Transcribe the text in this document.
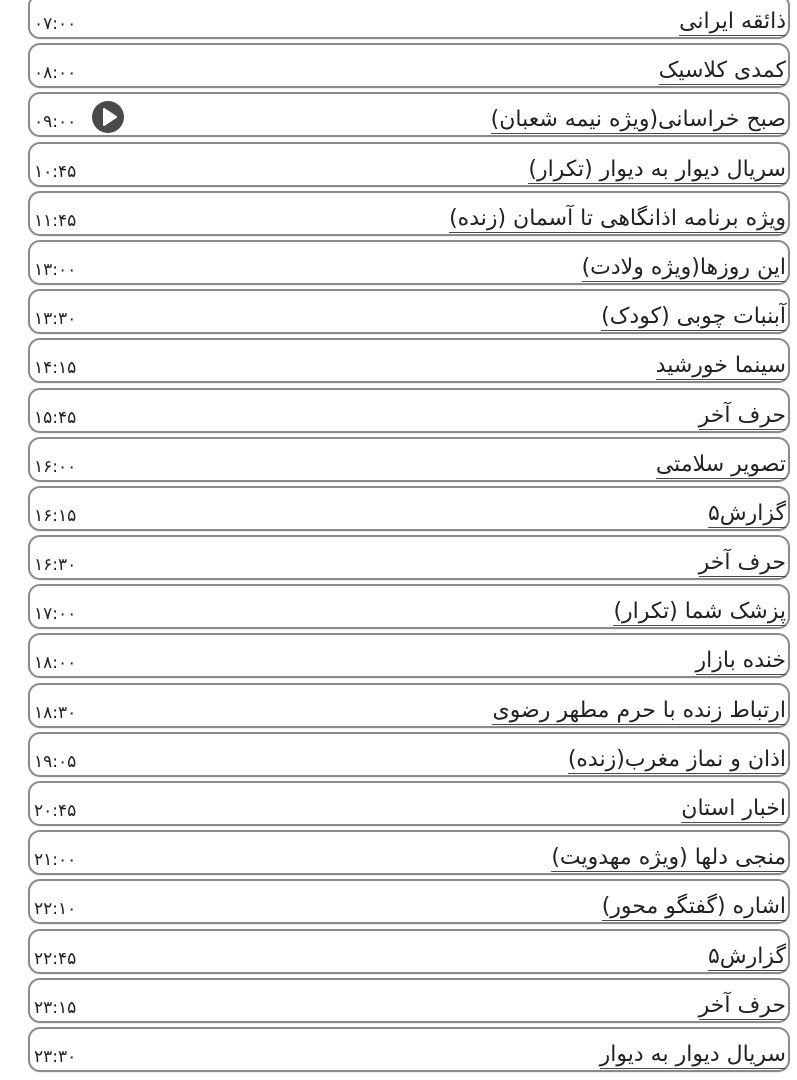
۰۷:۰۰	ذائقه ایرانی
۰۸:۰۰	کمدی کلاسیک
۰۹:۰۰	صبح خراسانی(ویژه نیمه شعبان)
۱۰:۴۵	سریال دیوار به دیوار (تکرار)
۱۱:۴۵	ویژه برنامه اذانگاهی تا آسمان (زنده)
۱۳:۰۰	این روزها(ویژه ولادت)
۱۳:۳۰	آبنبات چوبی (کودک)
۱۴:۱۵	سینما خورشید
۱۵:۴۵	حرف آخر
۱۶:۰۰	تصویر سلامتی
۱۶:۱۵	گزارش۵
۱۶:۳۰	حرف آخر
۱۷:۰۰	پزشک شما (تکرار)
۱۸:۰۰	خنده بازار
۱۸:۳۰	ارتباط زنده با حرم مطهر رضوی
۱۹:۰۵	اذان و نماز مغرب(زنده)
۲۰:۴۵	اخبار استان
۲۱:۰۰	منجی دلها (ویژه مهدویت)
۲۲:۱۰	اشاره (گفتگو محور)
۲۲:۴۵	گزارش۵
۲۳:۱۵	حرف آخر
۲۳:۳۰	سریال دیوار به دیوار
